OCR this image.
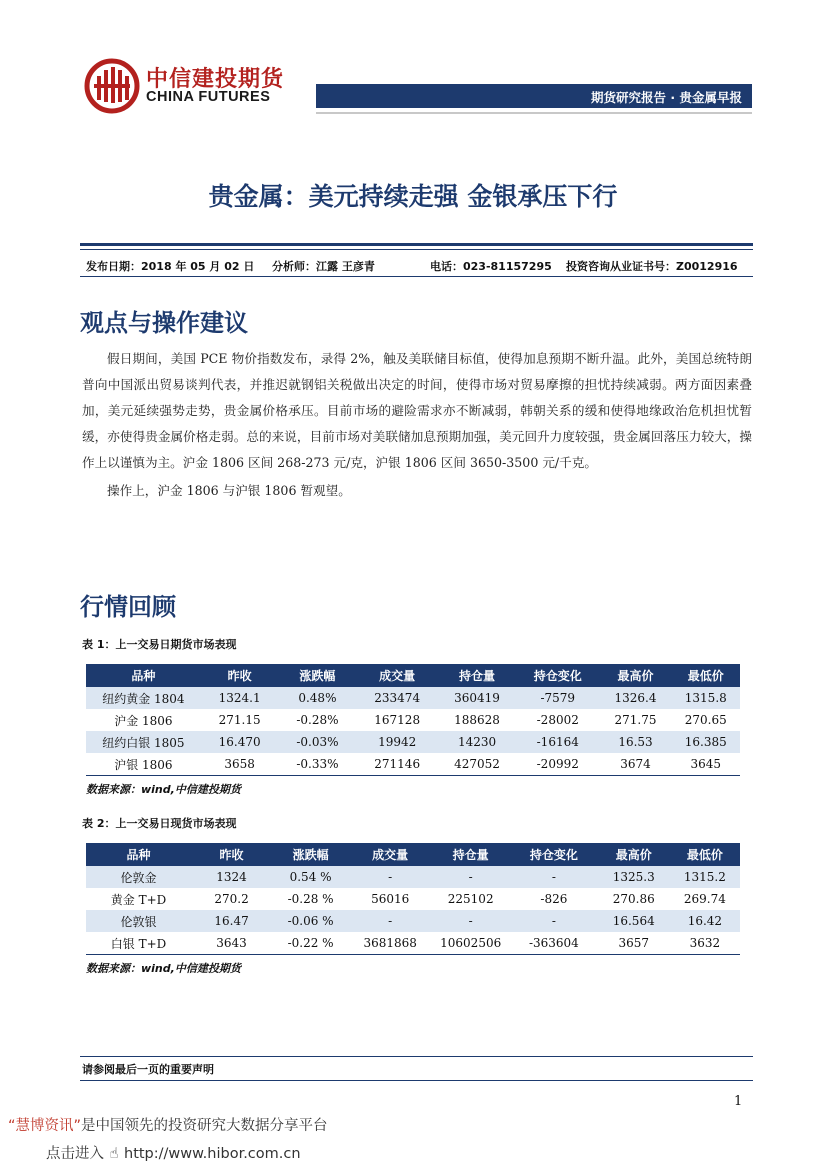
中信建投期货
CHINA FUTURES	期货研究报告 · 贵金属早报
贵金属：美元持续走强 金银承压下行
发布日期：2018 年 05 月 02 日 分析师：江露 王彦青	电话：023-81157295 投资咨询从业证书号：Z0012916
观点与操作建议

假日期间，美国 PCE 物价指数发布，录得 2%，触及美联储目标值，使得加息预期不断升温。此外，美国总统特朗普向中国派出贸易谈判代表，并推迟就钢铝关税做出决定的时间，使得市场对贸易摩擦的担忧持续减弱。两方面因素叠加，美元延续强势走势，贵金属价格承压。目前市场的避险需求亦不断减弱，韩朝关系的缓和使得地缘政治危机担忧暂缓，亦使得贵金属价格走弱。总的来说，目前市场对美联储加息预期加强，美元回升力度较强，贵金属回落压力较大，操作上以谨慎为主。沪金 1806 区间 268-273 元/克，沪银 1806 区间 3650-3500 元/千克。

操作上，沪金 1806 与沪银 1806 暂观望。

行情回顾
表 1：上一交易日期货市场表现
品种	昨收	涨跌幅	成交量	持仓量	持仓变化	最高价	最低价
纽约黄金 1804	1324.1	0.48%	233474	360419	-7579	1326.4	1315.8
沪金 1806	271.15	-0.28%	167128	188628	-28002	271.75	270.65
纽约白银 1805	16.470	-0.03%	19942	14230	-16164	16.53	16.385
沪银 1806	3658	-0.33%	271146	427052	-20992	3674	3645
数据来源：wind,中信建投期货
表 2：上一交易日现货市场表现
品种	昨收	涨跌幅	成交量	持仓量	持仓变化	最高价	最低价
伦敦金	1324	0.54 %	-	-	-	1325.3	1315.2
黄金 T+D	270.2	-0.28 %	56016	225102	-826	270.86	269.74
伦敦银	16.47	-0.06 %	-	-	-	16.564	16.42
白银 T+D	3643	-0.22 %	3681868	10602506	-363604	3657	3632
数据来源：wind,中信建投期货
请参阅最后一页的重要声明
1
“慧博资讯”是中国领先的投资研究大数据分享平台
点击进入 ☝ http://www.hibor.com.cn
